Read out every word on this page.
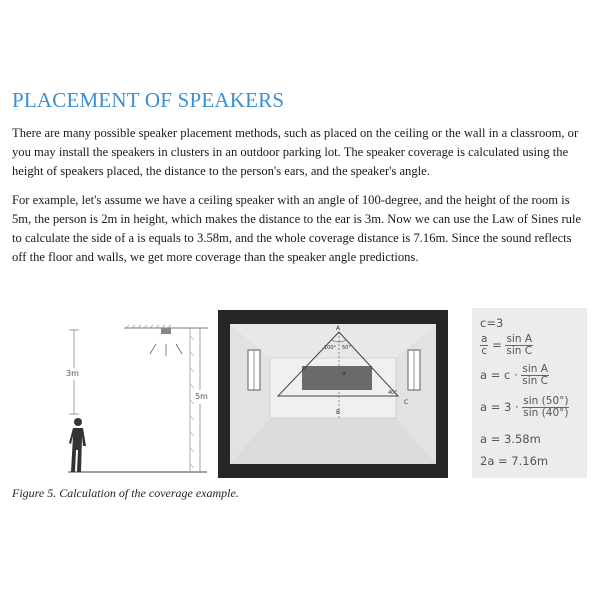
PLACEMENT OF SPEAKERS
There are many possible speaker placement methods, such as placed on the ceiling or the wall in a classroom, or you may install the speakers in clusters in an outdoor parking lot. The speaker coverage is calculated using the height of speakers placed, the distance to the person's ears, and the speaker's angle.
For example, let's assume we have a ceiling speaker with an angle of 100-degree, and the height of the room is 5m, the person is 2m in height, which makes the distance to the ear is 3m. Now we can use the Law of Sines rule to calculate the side of a is equals to 3.58m, and the whole coverage distance is 7.16m. Since the sound reflects off the floor and walls, we get more coverage than the speaker angle predictions.
3m
5m
A
100° 50°
a
40°
B
C
c=3
$\frac{a}{c} = \frac{\text{sin A}}{\text{sin C}}$
$a = c \cdot \frac{\text{sin A}}{\text{sin C}}$
$a = 3 \cdot \frac{\sin (50^\circ)}{\sin (40^\circ)}$
a = 3.58m
2a = 7.16m
Figure 5. Calculation of the coverage example.
